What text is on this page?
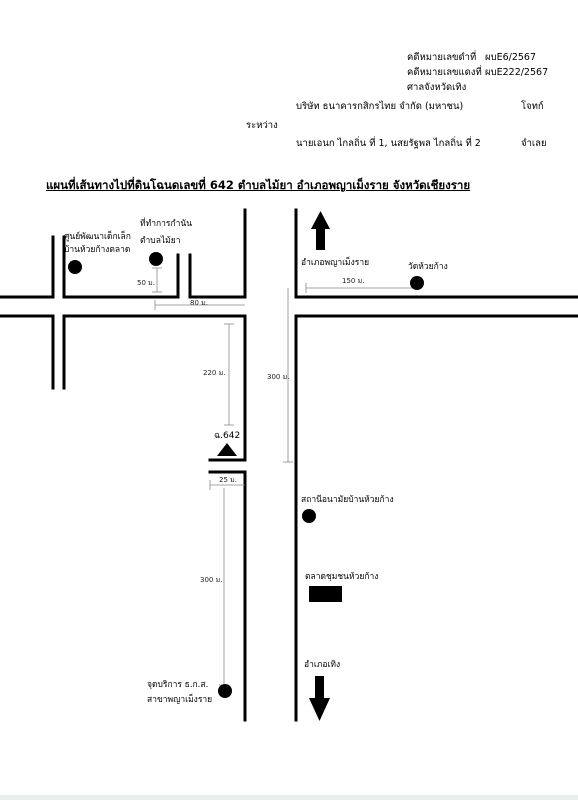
คดีหมายเลขดำที่ ผบE6/2567
คดีหมายเลขแดงที่ ผบE222/2567
ศาลจังหวัดเทิง
บริษัท ธนาคารกสิกรไทย จำกัด (มหาชน)	โจทก์
ระหว่าง
นายเอนก ไกลถิ่น ที่ 1, นสยรัฐพล ไกลถิ่น ที่ 2	จำเลย
แผนที่เส้นทางไปที่ดินโฉนดเลขที่ 642 ตำบลไม้ยา อำเภอพญาเม็งราย จังหวัดเชียงราย
ศูนย์พัฒนาเด็กเล็ก
บ้านห้วยก้างตลาด
ที่ทำการกำนัน
ตำบลไม้ยา
อำเภอพญาเม็งราย	วัดห้วยก้าง
ฉ.642
สถานีอนามัยบ้านห้วยก้าง
ตลาดชุมชนห้วยก้าง
อำเภอเทิง
จุดบริการ ธ.ก.ส.
สาขาพญาเม็งราย
50 ม.
80 ม.
150 ม.
220 ม.	300 ม.
25 ม.
300 ม.
